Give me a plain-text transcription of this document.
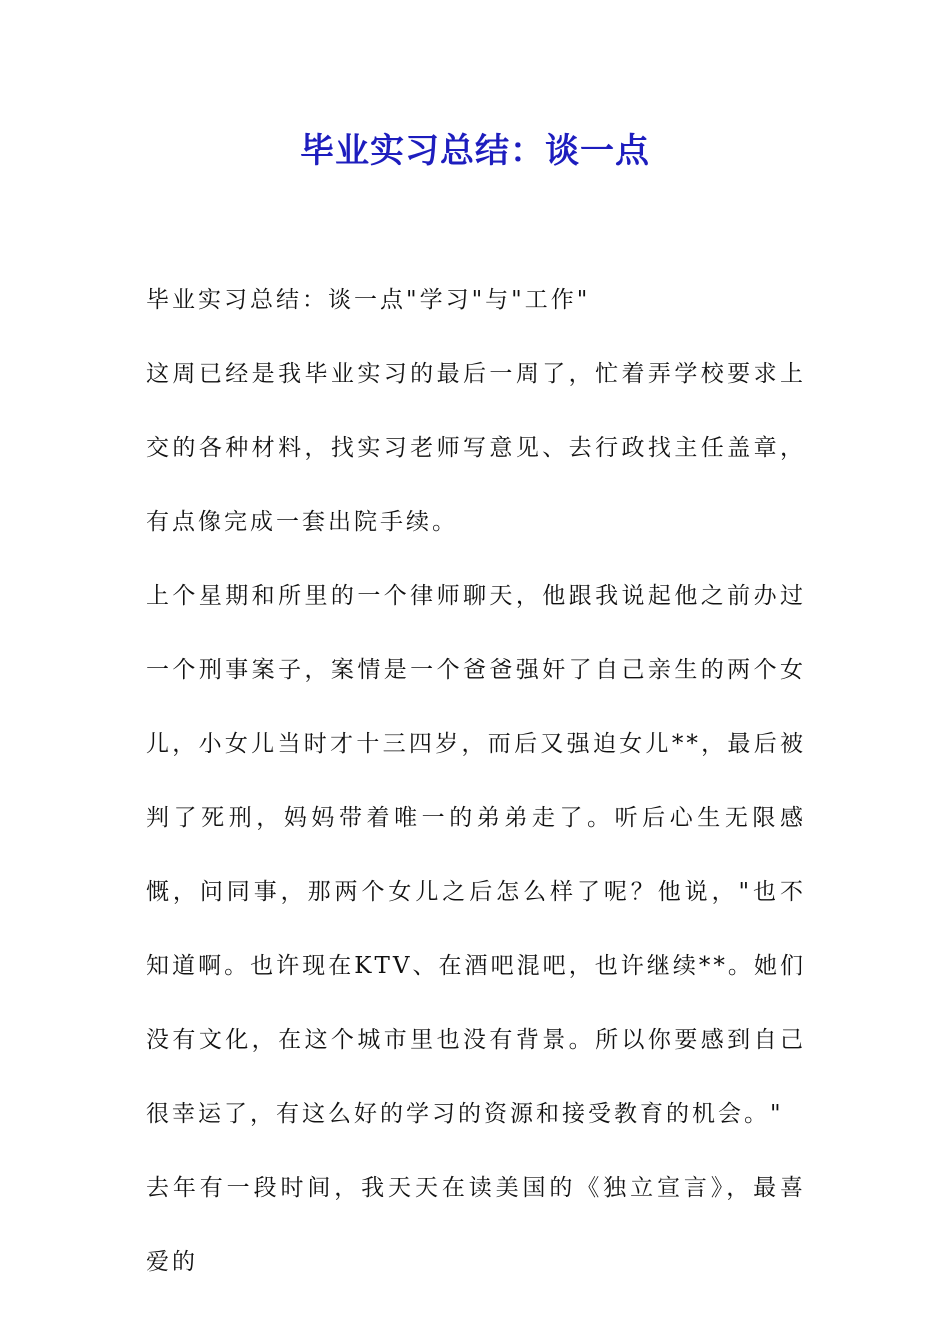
毕业实习总结：谈一点

毕业实习总结：谈一点"学习"与"工作"

这周已经是我毕业实习的最后一周了，忙着弄学校要求上交的各种材料，找实习老师写意见、去行政找主任盖章，有点像完成一套出院手续。

上个星期和所里的一个律师聊天，他跟我说起他之前办过一个刑事案子，案情是一个爸爸强奸了自己亲生的两个女儿，小女儿当时才十三四岁，而后又强迫女儿**，最后被判了死刑，妈妈带着唯一的弟弟走了。听后心生无限感慨，问同事，那两个女儿之后怎么样了呢？他说，"也不知道啊。也许现在KTV、在酒吧混吧，也许继续**。她们没有文化，在这个城市里也没有背景。所以你要感到自己很幸运了，有这么好的学习的资源和接受教育的机会。"

去年有一段时间，我天天在读美国的《独立宣言》，最喜爱的
